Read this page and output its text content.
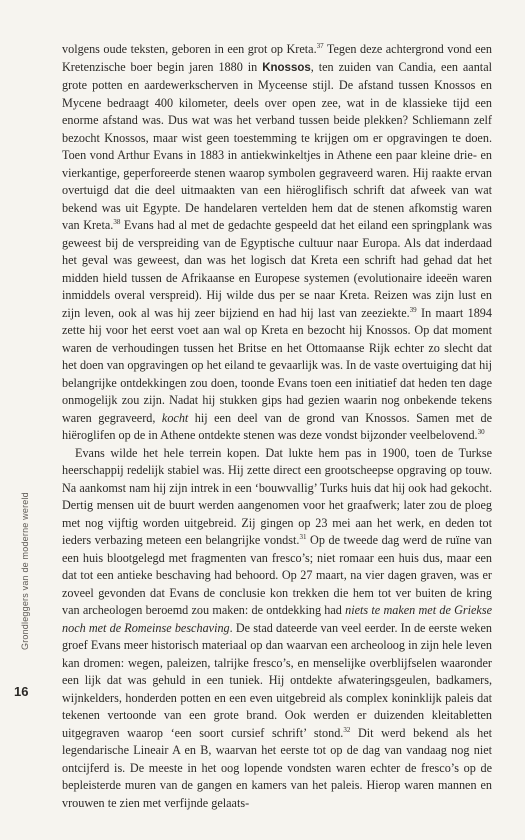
Grondleggers van de moderne wereld
16

volgens oude teksten, geboren in een grot op Kreta.$^{37}$ Tegen deze achtergrond vond een Kretenzische boer begin jaren 1880 in Knossos, ten zuiden van Candia, een aantal grote potten en aardewerkscherven in Myceense stijl. De afstand tussen Knossos en Mycene bedraagt 400 kilometer, deels over open zee, wat in de klassieke tijd een enorme afstand was. Dus wat was het verband tussen beide plekken? Schliemann zelf bezocht Knossos, maar wist geen toestemming te krijgen om er opgravingen te doen. Toen vond Arthur Evans in 1883 in antiekwinkeltjes in Athene een paar kleine drie- en vierkantige, geperforeerde stenen waarop symbolen gegraveerd waren. Hij raakte ervan overtuigd dat die deel uitmaakten van een hiëroglifisch schrift dat afweek van wat bekend was uit Egypte. De handelaren vertelden hem dat de stenen afkomstig waren van Kreta.$^{38}$ Evans had al met de gedachte gespeeld dat het eiland een springplank was geweest bij de verspreiding van de Egyptische cultuur naar Europa. Als dat inderdaad het geval was geweest, dan was het logisch dat Kreta een schrift had gehad dat het midden hield tussen de Afrikaanse en Europese systemen (evolutionaire ideeën waren inmiddels overal verspreid). Hij wilde dus per se naar Kreta. Reizen was zijn lust en zijn leven, ook al was hij zeer bijziend en had hij last van zeeziekte.$^{39}$ In maart 1894 zette hij voor het eerst voet aan wal op Kreta en bezocht hij Knossos. Op dat moment waren de verhoudingen tussen het Britse en het Ottomaanse Rijk echter zo slecht dat het doen van opgravingen op het eiland te gevaarlijk was. In de vaste overtuiging dat hij belangrijke ontdekkingen zou doen, toonde Evans toen een initiatief dat heden ten dage onmogelijk zou zijn. Nadat hij stukken gips had gezien waarin nog onbekende tekens waren gegraveerd, kocht hij een deel van de grond van Knossos. Samen met de hiëroglifen op de in Athene ontdekte stenen was deze vondst bijzonder veelbelovend.$^{30}$

Evans wilde het hele terrein kopen. Dat lukte hem pas in 1900, toen de Turkse heerschappij redelijk stabiel was. Hij zette direct een grootscheepse opgraving op touw. Na aankomst nam hij zijn intrek in een ‘bouwvallig’ Turks huis dat hij ook had gekocht. Dertig mensen uit de buurt werden aangenomen voor het graafwerk; later zou de ploeg met nog vijftig worden uitgebreid. Zij gingen op 23 mei aan het werk, en deden tot ieders verbazing meteen een belangrijke vondst.$^{31}$ Op de tweede dag werd de ruïne van een huis blootgelegd met fragmenten van fresco’s; niet romaar een huis dus, maar een dat tot een antieke beschaving had behoord. Op 27 maart, na vier dagen graven, was er zoveel gevonden dat Evans de conclusie kon trekken die hem tot ver buiten de kring van archeologen beroemd zou maken: de ontdekking had niets te maken met de Griekse noch met de Romeinse beschaving. De stad dateerde van veel eerder. In de eerste weken groef Evans meer historisch materiaal op dan waarvan een archeoloog in zijn hele leven kan dromen: wegen, paleizen, talrijke fresco’s, en menselijke overblijfselen waaronder een lijk dat was gehuld in een tuniek. Hij ontdekte afwateringsgeulen, badkamers, wijnkelders, honderden potten en een even uitgebreid als complex koninklijk paleis dat tekenen vertoonde van een grote brand. Ook werden er duizenden kleitabletten uitgegraven waarop ‘een soort cursief schrift’ stond.$^{32}$ Dit werd bekend als het legendarische Lineair A en B, waarvan het eerste tot op de dag van vandaag nog niet ontcijferd is. De meeste in het oog lopende vondsten waren echter de fresco’s op de bepleisterde muren van de gangen en kamers van het paleis. Hierop waren mannen en vrouwen te zien met verfijnde gelaats-
